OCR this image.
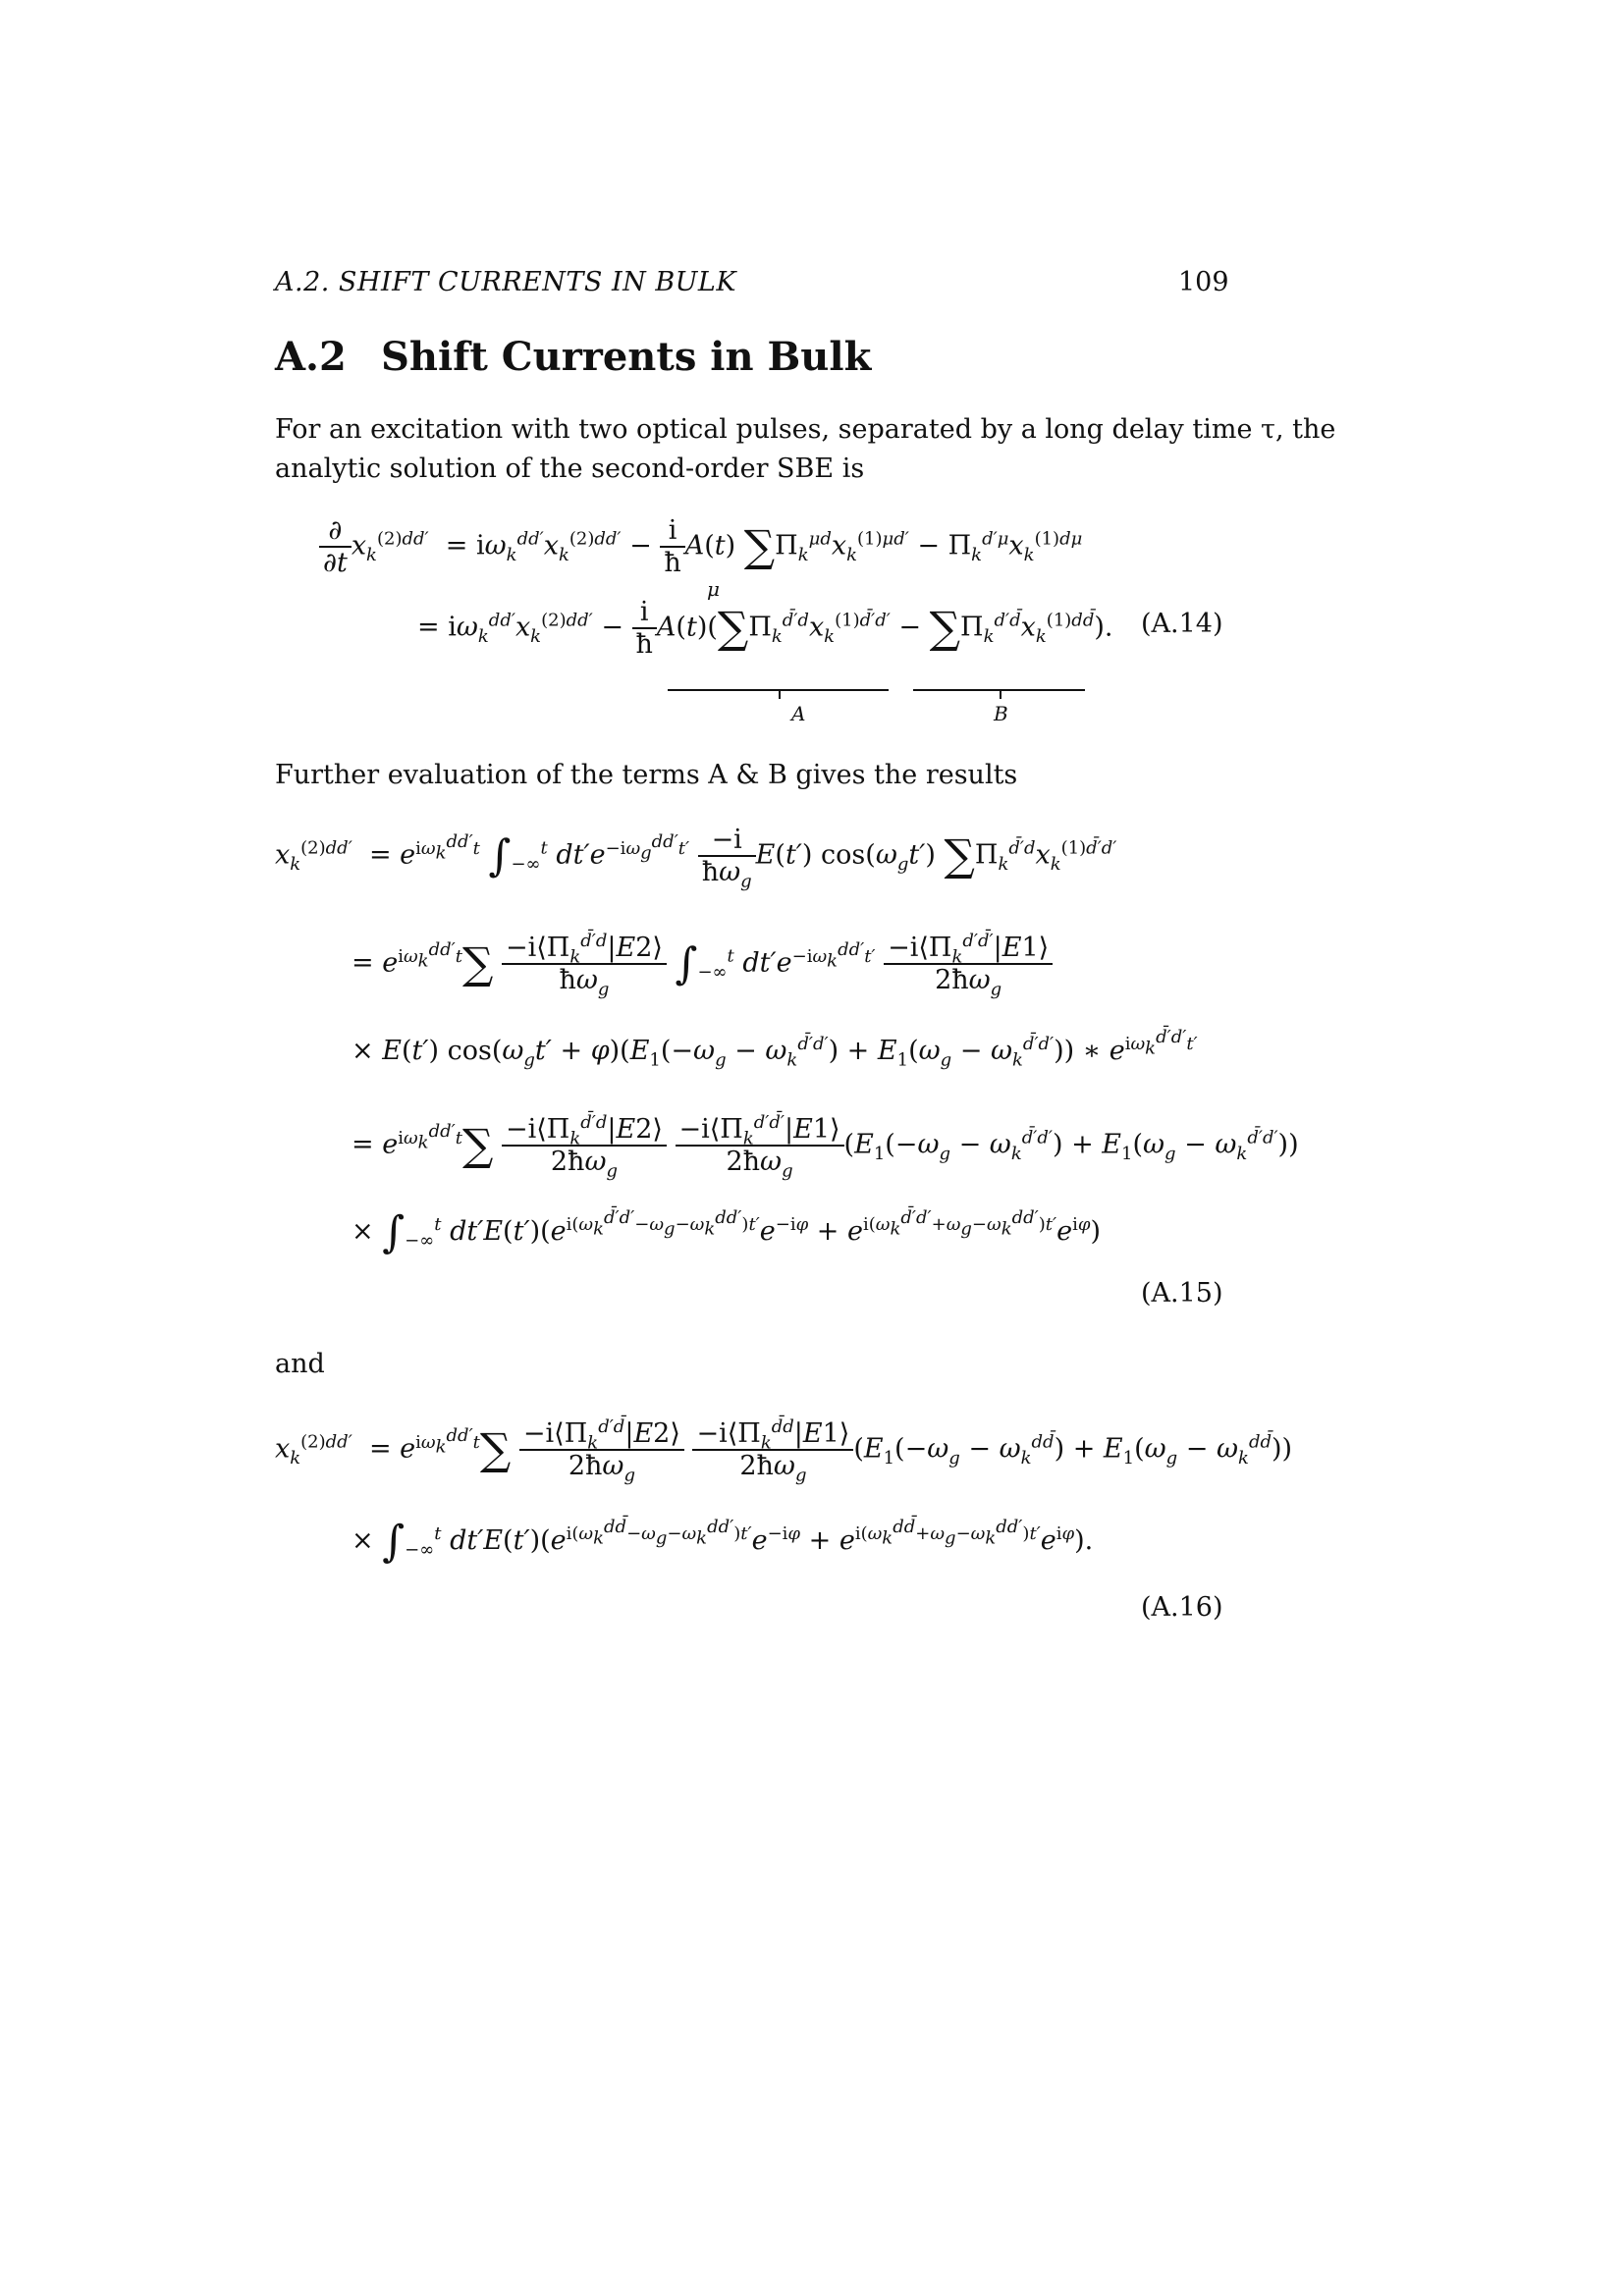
A.2. SHIFT CURRENTS IN BULK	109
A.2 Shift Currents in Bulk
For an excitation with two optical pulses, separated by a long delay time τ, the
analytic solution of the second-order SBE is
$\frac{\partial}{\partial t} x_k^{(2)dd'} = i\omega_k^{dd'}x_k^{(2)dd'} - \frac{i}{ħ} A(t) \sum\Pi_k^{\mu d}x_k^{(1)\mu d'} - \Pi_k^{d'\mu}x_k^{(1)d\mu}$
μ
= $i\omega_k^{dd'}x_k^{(2)dd'} - \frac{i}{ħ} A(t)(\sum\Pi_k^{d̄'d}x_k^{(1)d̄'d'} - \sum\Pi_k^{d'd̄}x_k^{(1)dd̄})$. (A.14)
A	B
Further evaluation of the terms A & B gives the results
$x_k^{(2)dd'} = e^{i\omega_k^{dd'}t}$ $\int_{-\infty}^t$ $dt'e^{-i\omega_g^{dd'}t'} \frac{-i}{ħ\omega_g} E(t')$ $\cos(\omega_gt')$ $\sum\Pi_k^{d̄'d}x_k^{(1)d̄'d'}$
= $e^{i\omega_k^{dd'}t}\sum \frac{-i⟨\Pi_k^{d̄'d}|E2⟩}{ħ\omega_g} \int_{-\infty}^t$ $dt'e^{-i\omega_k^{dd'}t'} \frac{-i⟨\Pi_k^{d'd̄'}|E1⟩}{2ħ\omega_g}$
× E(t′) $\cos(\omega_gt' + \varphi)(E_1(-\omega_g - \omega_k^{d̄'d'}) + E_1(\omega_g - \omega_k^{d̄'d'}))$ ∗ $e^{i\omega_k^{d̄'d'}t'}$
= $e^{i\omega_k^{dd'}t}\sum \frac{-i⟨\Pi_k^{d̄'d}|E2⟩}{2ħ\omega_g}$
$\frac{-i⟨\Pi_k^{d'd̄'}|E1⟩}{2ħ\omega_g} (E_1(-\omega_g - \omega_k^{d̄'d'}) + E_1(\omega_g - \omega_k^{d̄'d'}))$
× $\int_{-\infty}^t$ $dt'E(t')(e^{i(\omega_k^{d̄'d'}-\omega_g-\omega_k^{dd'})t'}e^{-i\varphi} + e^{i(\omega_k^{d̄'d'}+\omega_g-\omega_k^{dd'})t'}e^{i\varphi})$
(A.15)
and
$x_k^{(2)dd'} = e^{i\omega_k^{dd'}t}\sum \frac{-i⟨\Pi_k^{d'd̄}|E2⟩}{2ħ\omega_g}$
$\frac{-i⟨\Pi_k^{d̄d}|E1⟩}{2ħ\omega_g} (E_1(-\omega_g - \omega_k^{dd̄}) + E_1(\omega_g - \omega_k^{dd̄}))$
× $\int_{-\infty}^t$ $dt'E(t')(e^{i(\omega_k^{dd̄}-\omega_g-\omega_k^{dd'})t'}e^{-i\varphi} + e^{i(\omega_k^{dd̄}+\omega_g-\omega_k^{dd'})t'}e^{i\varphi})$.
(A.16)
